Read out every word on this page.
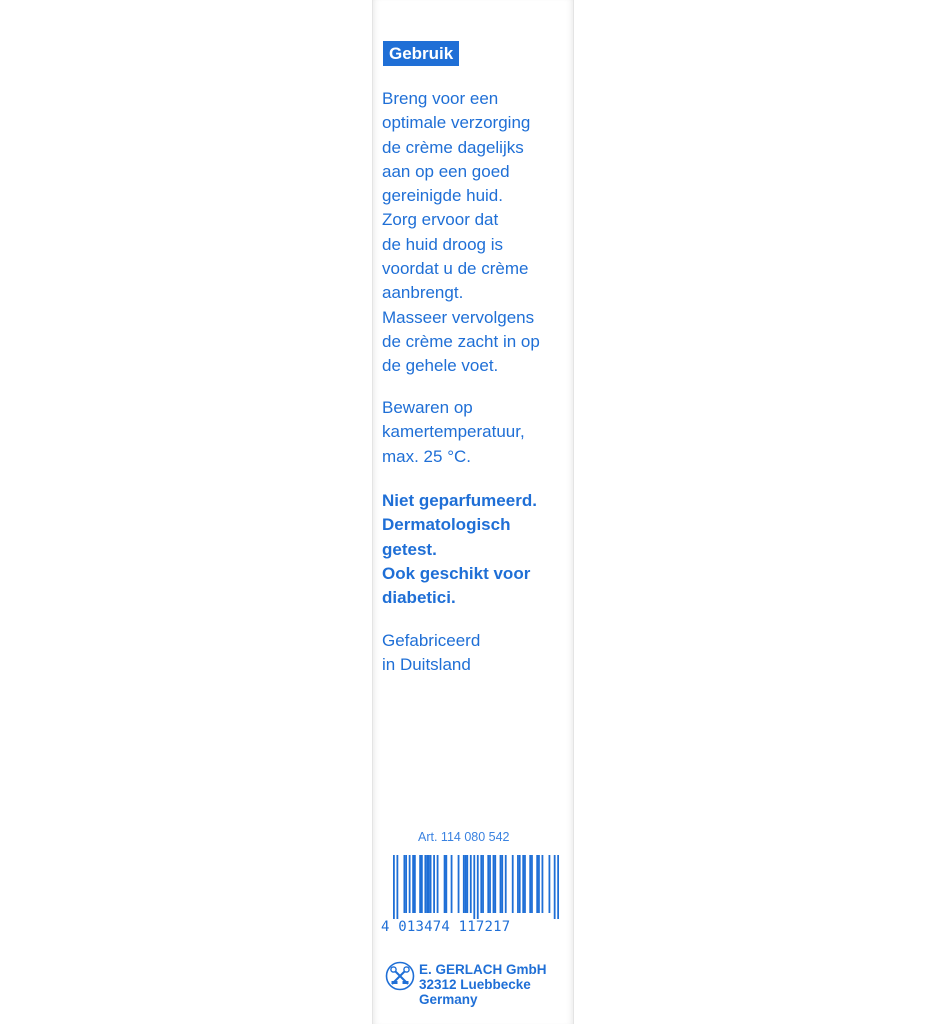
Gebruik

Breng voor een
optimale verzorging
de crème dagelijks
aan op een goed
gereinigde huid.
Zorg ervoor dat
de huid droog is
voordat u de crème
aanbrengt.
Masseer vervolgens
de crème zacht in op
de gehele voet.

Bewaren op
kamertemperatuur,
max. 25 °C.

Niet geparfumeerd.
Dermatologisch
getest.
Ook geschikt voor
diabetici.

Gefabriceerd
in Duitsland

Art. 114 080 542
4 013474 117217
E. GERLACH GmbH
32312 Luebbecke
Germany
